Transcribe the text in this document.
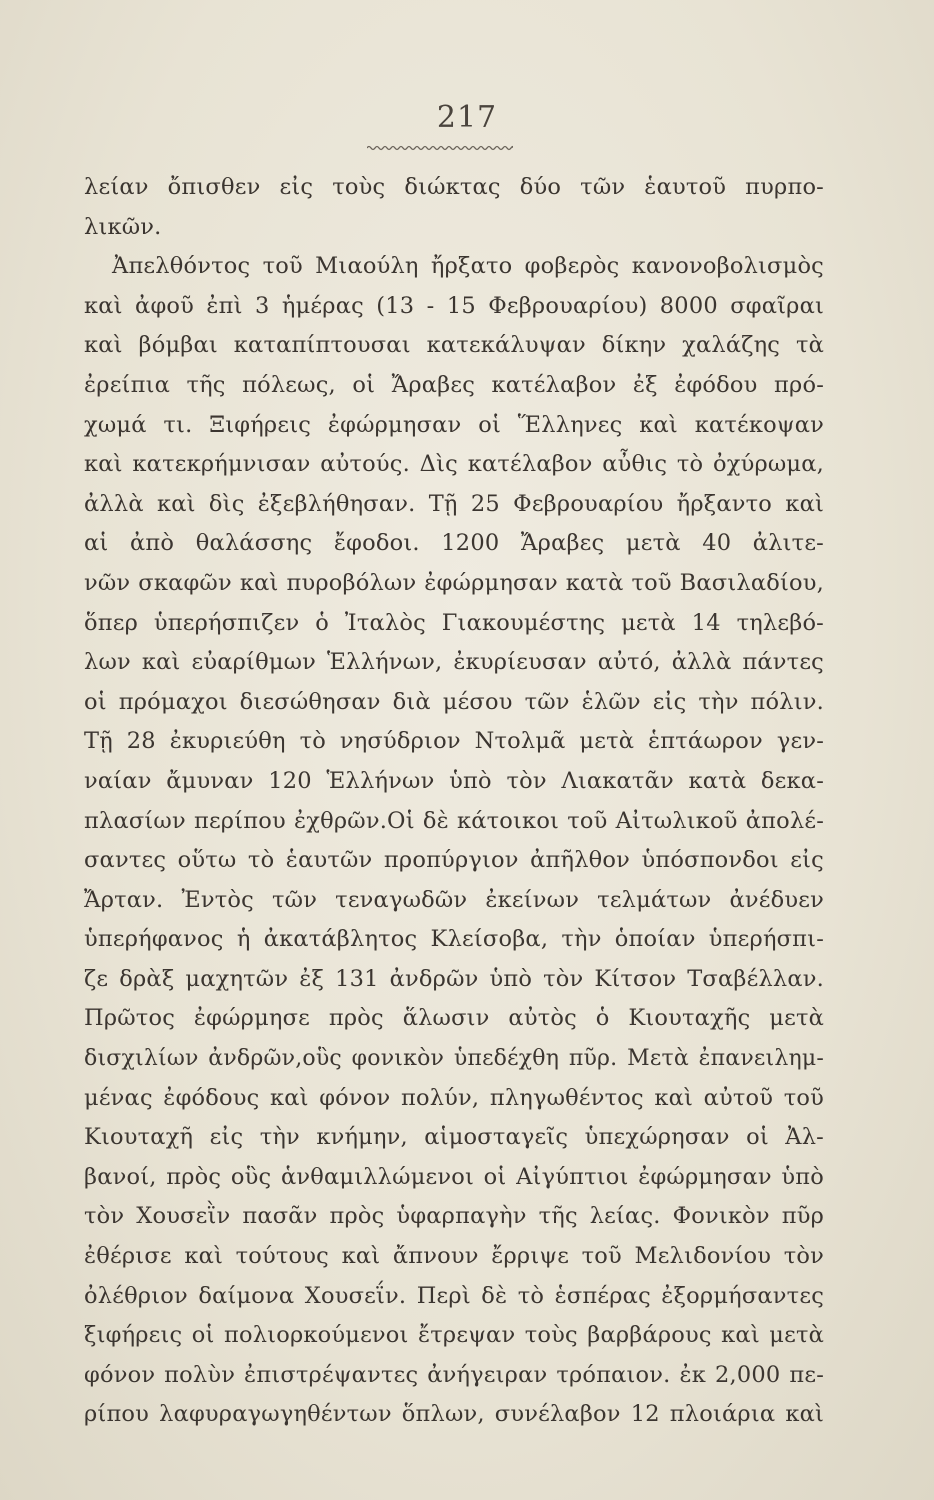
217
λείαν ὄπισθεν εἰς τοὺς διώκτας δύο τῶν ἑαυτοῦ πυρπο-
λικῶν.
Ἀπελθόντος τοῦ Μιαούλη ἤρξατο φοβερὸς κανονοβολισμὸς
καὶ ἀφοῦ ἐπὶ 3 ἡμέρας (13 - 15 Φεβρουαρίου) 8000 σφαῖραι
καὶ βόμβαι καταπίπτουσαι κατεκάλυψαν δίκην χαλάζης τὰ
ἐρείπια τῆς πόλεως, οἱ Ἄραβες κατέλαβον ἐξ ἐφόδου πρό-
χωμά τι. Ξιφήρεις ἐφώρμησαν οἱ Ἕλληνες καὶ κατέκοψαν
καὶ κατεκρήμνισαν αὐτούς. Δὶς κατέλαβον αὖθις τὸ ὀχύρωμα,
ἀλλὰ καὶ δὶς ἐξεβλήθησαν. Τῇ 25 Φεβρουαρίου ἤρξαντο καὶ
αἱ ἀπὸ θαλάσσης ἔφοδοι. 1200 Ἄραβες μετὰ 40 ἀλιτε-
νῶν σκαφῶν καὶ πυροβόλων ἐφώρμησαν κατὰ τοῦ Βασιλαδίου,
ὅπερ ὑπερήσπιζεν ὁ Ἰταλὸς Γιακουμέστης μετὰ 14 τηλεβό-
λων καὶ εὐαρίθμων Ἑλλήνων, ἐκυρίευσαν αὐτό, ἀλλὰ πάντες
οἱ πρόμαχοι διεσώθησαν διὰ μέσου τῶν ἑλῶν εἰς τὴν πόλιν.
Τῇ 28 ἐκυριεύθη τὸ νησύδριον Ντολμᾶ μετὰ ἑπτάωρον γεν-
ναίαν ἄμυναν 120 Ἑλλήνων ὑπὸ τὸν Λιακατᾶν κατὰ δεκα-
πλασίων περίπου ἐχθρῶν.Οἱ δὲ κάτοικοι τοῦ Αἰτωλικοῦ ἀπολέ-
σαντες οὕτω τὸ ἑαυτῶν προπύργιον ἀπῆλθον ὑπόσπονδοι εἰς
Ἄρταν. Ἐντὸς τῶν τεναγωδῶν ἐκείνων τελμάτων ἀνέδυεν
ὑπερήφανος ἡ ἀκατάβλητος Κλείσοβα, τὴν ὁποίαν ὑπερήσπι-
ζε δρὰξ μαχητῶν ἐξ 131 ἀνδρῶν ὑπὸ τὸν Κίτσον Τσαβέλλαν.
Πρῶτος ἐφώρμησε πρὸς ἅλωσιν αὐτὸς ὁ Κιουταχῆς μετὰ
δισχιλίων ἀνδρῶν,οὓς φονικὸν ὑπεδέχθη πῦρ. Μετὰ ἐπανειλημ-
μένας ἐφόδους καὶ φόνον πολύν, πληγωθέντος καὶ αὐτοῦ τοῦ
Κιουταχῆ εἰς τὴν κνήμην, αἱμοσταγεῖς ὑπεχώρησαν οἱ Ἀλ-
βανοί, πρὸς οὓς ἁνθαμιλλώμενοι οἱ Αἰγύπτιοι ἐφώρμησαν ὑπὸ
τὸν Χουσεῒν πασᾶν πρὸς ὑφαρπαγὴν τῆς λείας. Φονικὸν πῦρ
ἐθέρισε καὶ τούτους καὶ ἄπνουν ἔρριψε τοῦ Μελιδονίου τὸν
ὀλέθριον δαίμονα Χουσεΐν. Περὶ δὲ τὸ ἑσπέρας ἐξορμήσαντες
ξιφήρεις οἱ πολιορκούμενοι ἔτρεψαν τοὺς βαρβάρους καὶ μετὰ
φόνον πολὺν ἐπιστρέψαντες ἀνήγειραν τρόπαιον. ἐκ 2,000 πε-
ρίπου λαφυραγωγηθέντων ὅπλων, συνέλαβον 12 πλοιάρια καὶ
